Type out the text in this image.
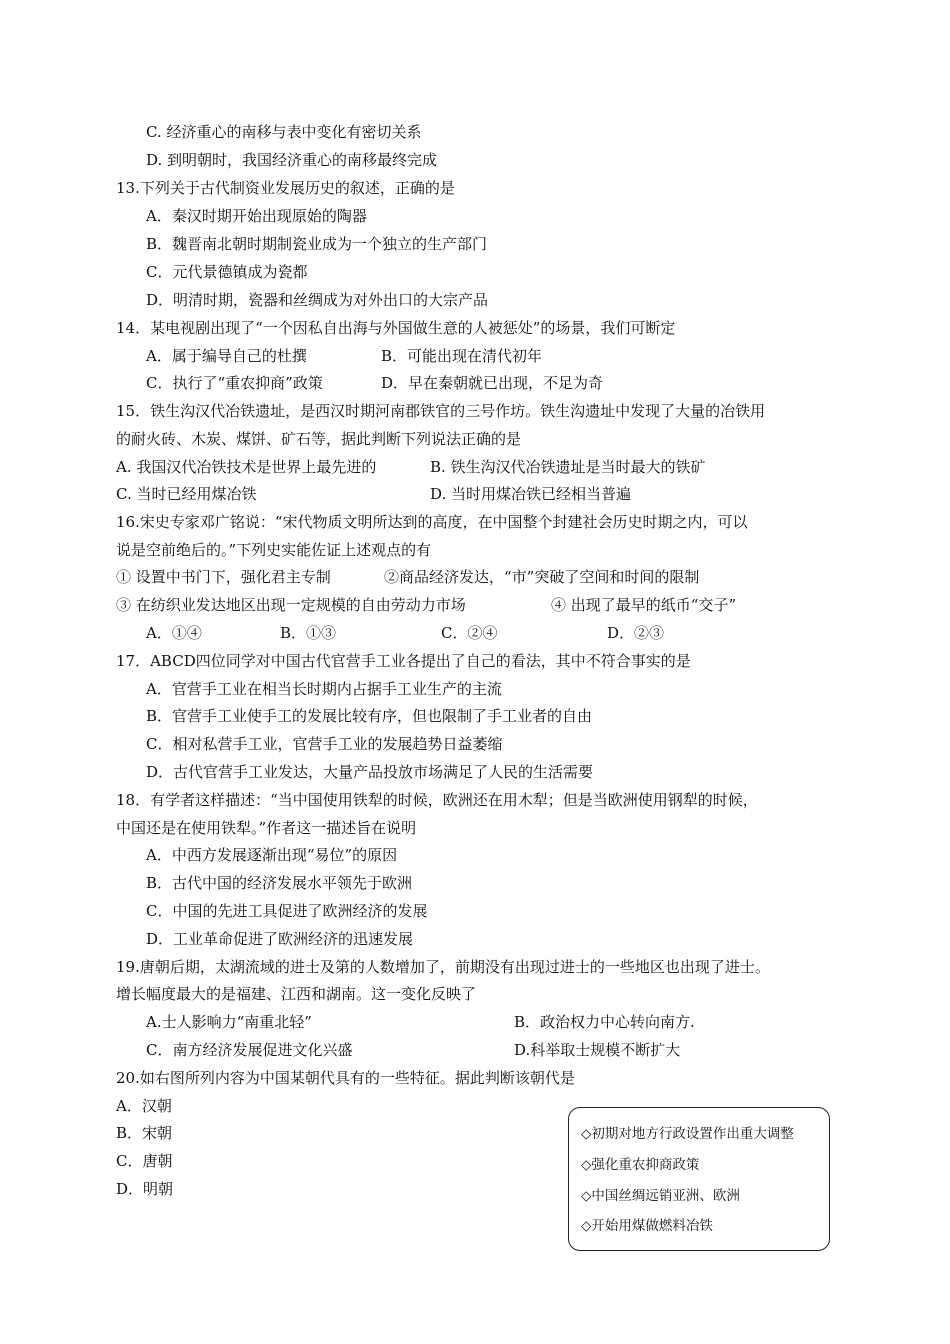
C. 经济重心的南移与表中变化有密切关系
D. 到明朝时，我国经济重心的南移最终完成
13.下列关于古代制资业发展历史的叙述，正确的是
A．秦汉时期开始出现原始的陶器
B．魏晋南北朝时期制瓷业成为一个独立的生产部门
C．元代景德镇成为瓷都
D．明清时期，瓷器和丝绸成为对外出口的大宗产品
14．某电视剧出现了“一个因私自出海与外国做生意的人被惩处”的场景，我们可断定
A．属于编导自己的杜撰	B．可能出现在清代初年
C．执行了“重农抑商”政策	D．早在秦朝就已出现，不足为奇
15．铁生沟汉代冶铁遗址，是西汉时期河南郡铁官的三号作坊。铁生沟遗址中发现了大量的冶铁用
的耐火砖、木炭、煤饼、矿石等，据此判断下列说法正确的是
A. 我国汉代冶铁技术是世界上最先进的	B. 铁生沟汉代冶铁遗址是当时最大的铁矿
C. 当时已经用煤冶铁	D. 当时用煤冶铁已经相当普遍
16.宋史专家邓广铭说：“宋代物质文明所达到的高度，在中国整个封建社会历史时期之内，可以
说是空前绝后的。”下列史实能佐证上述观点的有
① 设置中书门下，强化君主专制	②商品经济发达，“市”突破了空间和时间的限制
③ 在纺织业发达地区出现一定规模的自由劳动力市场	④ 出现了最早的纸币“交子”
A．①④	B．①③	C．②④	D．②③
17．ABCD四位同学对中国古代官营手工业各提出了自己的看法，其中不符合事实的是
A．官营手工业在相当长时期内占据手工业生产的主流
B．官营手工业使手工的发展比较有序，但也限制了手工业者的自由
C．相对私营手工业，官营手工业的发展趋势日益萎缩
D．古代官营手工业发达，大量产品投放市场满足了人民的生活需要
18．有学者这样描述：“当中国使用铁犁的时候，欧洲还在用木犁；但是当欧洲使用钢犁的时候，
中国还是在使用铁犁。”作者这一描述旨在说明
A．中西方发展逐渐出现“易位”的原因
B．古代中国的经济发展水平领先于欧洲
C．中国的先进工具促进了欧洲经济的发展
D．工业革命促进了欧洲经济的迅速发展
19.唐朝后期，太湖流域的进士及第的人数增加了，前期没有出现过进士的一些地区也出现了进士。
增长幅度最大的是福建、江西和湖南。这一变化反映了
A.士人影响力“南重北轻”	B．政治权力中心转向南方.
C．南方经济发展促进文化兴盛	D.科举取士规模不断扩大
20.如右图所列内容为中国某朝代具有的一些特征。据此判断该朝代是
A．汉朝
B．宋朝
C．唐朝
D．明朝
◇初期对地方行政设置作出重大调整
◇强化重农抑商政策
◇中国丝绸远销亚洲、欧洲
◇开始用煤做燃料冶铁
